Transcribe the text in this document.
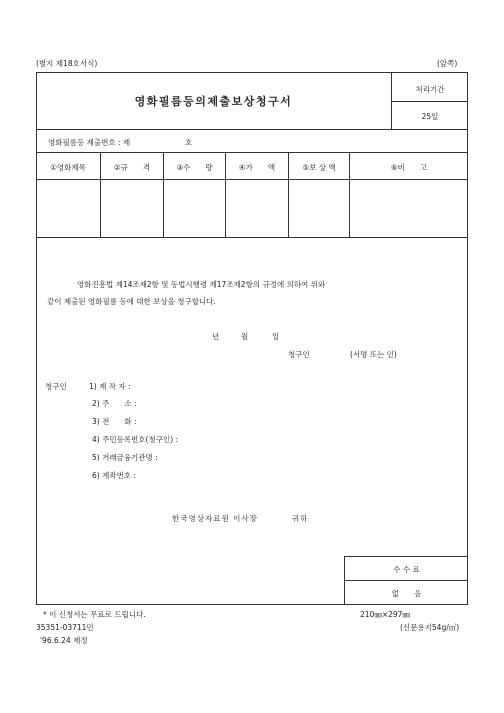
(별지 제18호서식)	(앞쪽)
영화필름등의제출보상청구서
처리기간
25일
영화필름등 제출번호 : 제	호
①영화제목	②규　　격	③수　　량	④가　　액	⑤보 상 액	⑥비　　고
영화진흥법 제14조제2항 및 동법시행령 제17조제2항의 규정에 의하여 위와
같이 제출된 영화필름 등에 대한 보상을 청구합니다.
년	월	일
청구인	(서명 또는 인)
청구인	1) 제 작 자 :
2) 주　　소 :
3) 전　　화 :
4) 주민등록번호(청구인) :
5) 거래금융기관명 :
6) 계좌번호 :
한국영상자료원 이사장	귀하
수 수 료
없　　음
* 이 신청서는 무료로 드립니다.	210㎜×297㎜
35351-03711민	(신문용지54g/㎡)
'96.6.24 제정
